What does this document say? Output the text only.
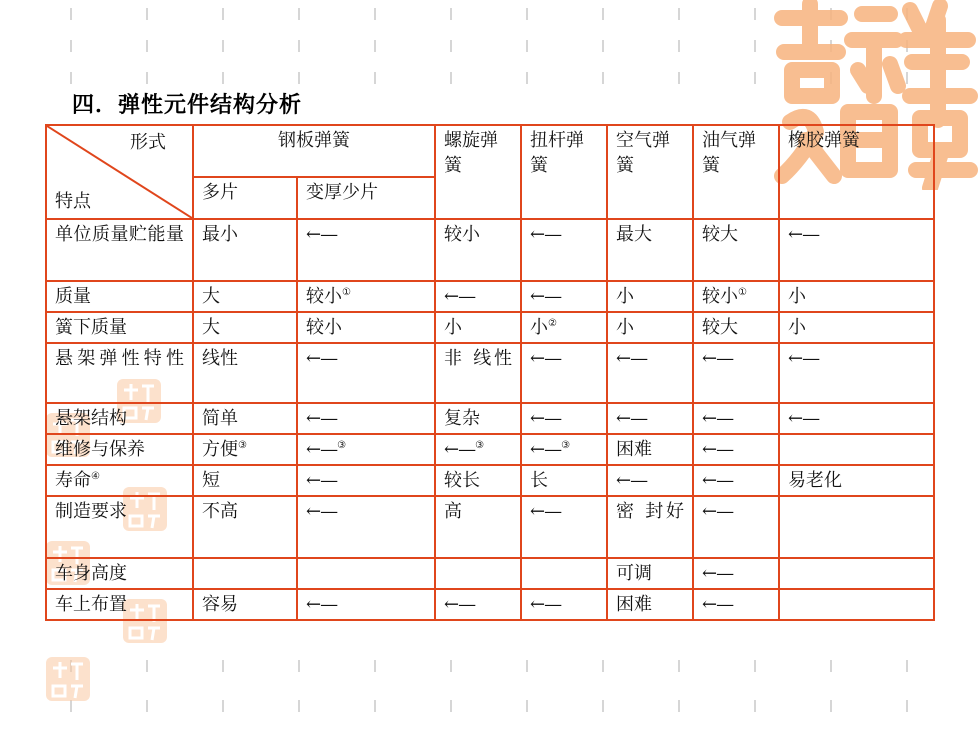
四．弹性元件结构分析
形式
特点	钢板弹簧		螺旋弹簧	扭杆弹簧	空气弹簧	油气弹簧	橡胶弹簧
	多片	变厚少片					
单位质量贮能量	最小	←—	较小	←—	最大	较大	←—
质量	大	较小①	←—	←—	小	较小①	小
簧下质量	大	较小	小	小②	小	较大	小
悬架弹性特性	线性	←—	非 线性	←—	←—	←—	←—
悬架结构	简单	←—	复杂	←—	←—	←—	←—
维修与保养	方便③	←—③	←—③	←—③	困难	←—	
寿命④	短	←—	较长	长	←—	←—	易老化
制造要求	不高	←—	高	←—	密 封好	←—	
车身高度					可调	←—	
车上布置	容易	←—	←—	←—	困难	←—	
